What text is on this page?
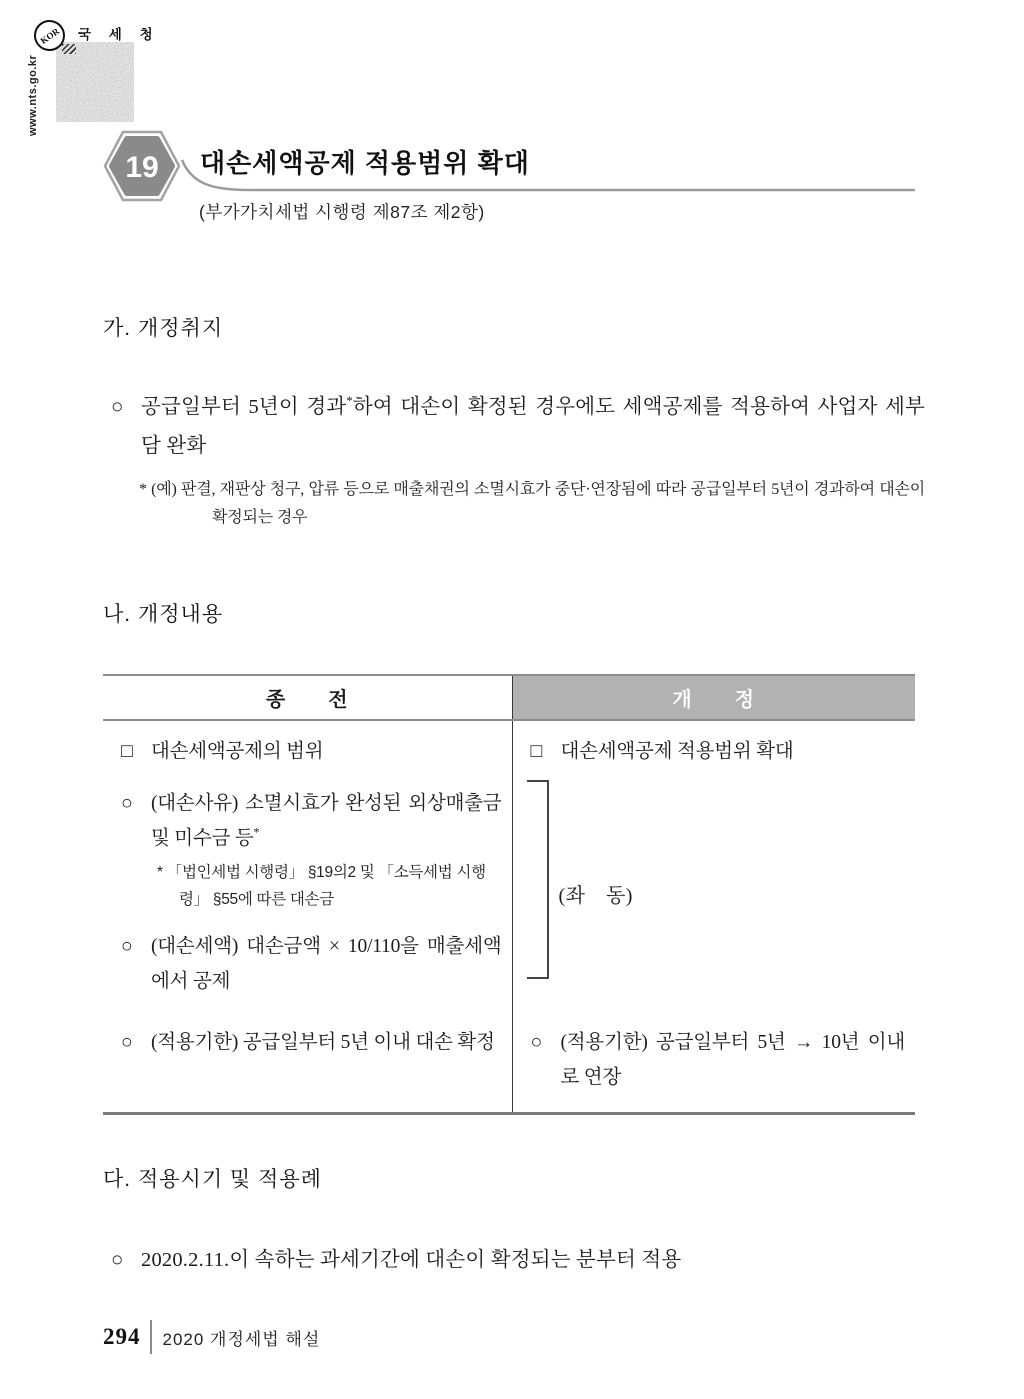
KOR 국 세 청
www.nts.go.kr
19 대손세액공제 적용범위 확대
(부가가치세법 시행령 제87조 제2항)
가. 개정취지
○ 공급일부터 5년이 경과*하여 대손이 확정된 경우에도 세액공제를 적용하여 사업자 세부담 완화
* (예) 판결, 재판상 청구, 압류 등으로 매출채권의 소멸시효가 중단·연장됨에 따라 공급일부터 5년이 경과하여 대손이 확정되는 경우
나. 개정내용
종  전	개  정

□ 대손세액공제의 범위	□ 대손세액공제 적용범위 확대

○ (대손사유) 소멸시효가 완성된 외상매출금 및 미수금 등*
* 「법인세법 시행령」 §19의2 및 「소득세법 시행령」 §55에 따른 대손금
○ (대손세액) 대손금액 × 10/110을 매출세액에서 공제	(좌 동)

○ (적용기한) 공급일부터 5년 이내 대손 확정	○ (적용기한) 공급일부터 5년 → 10년 이내로 연장
다. 적용시기 및 적용례
○ 2020.2.11.이 속하는 과세기간에 대손이 확정되는 분부터 적용
294 2020 개정세법 해설
